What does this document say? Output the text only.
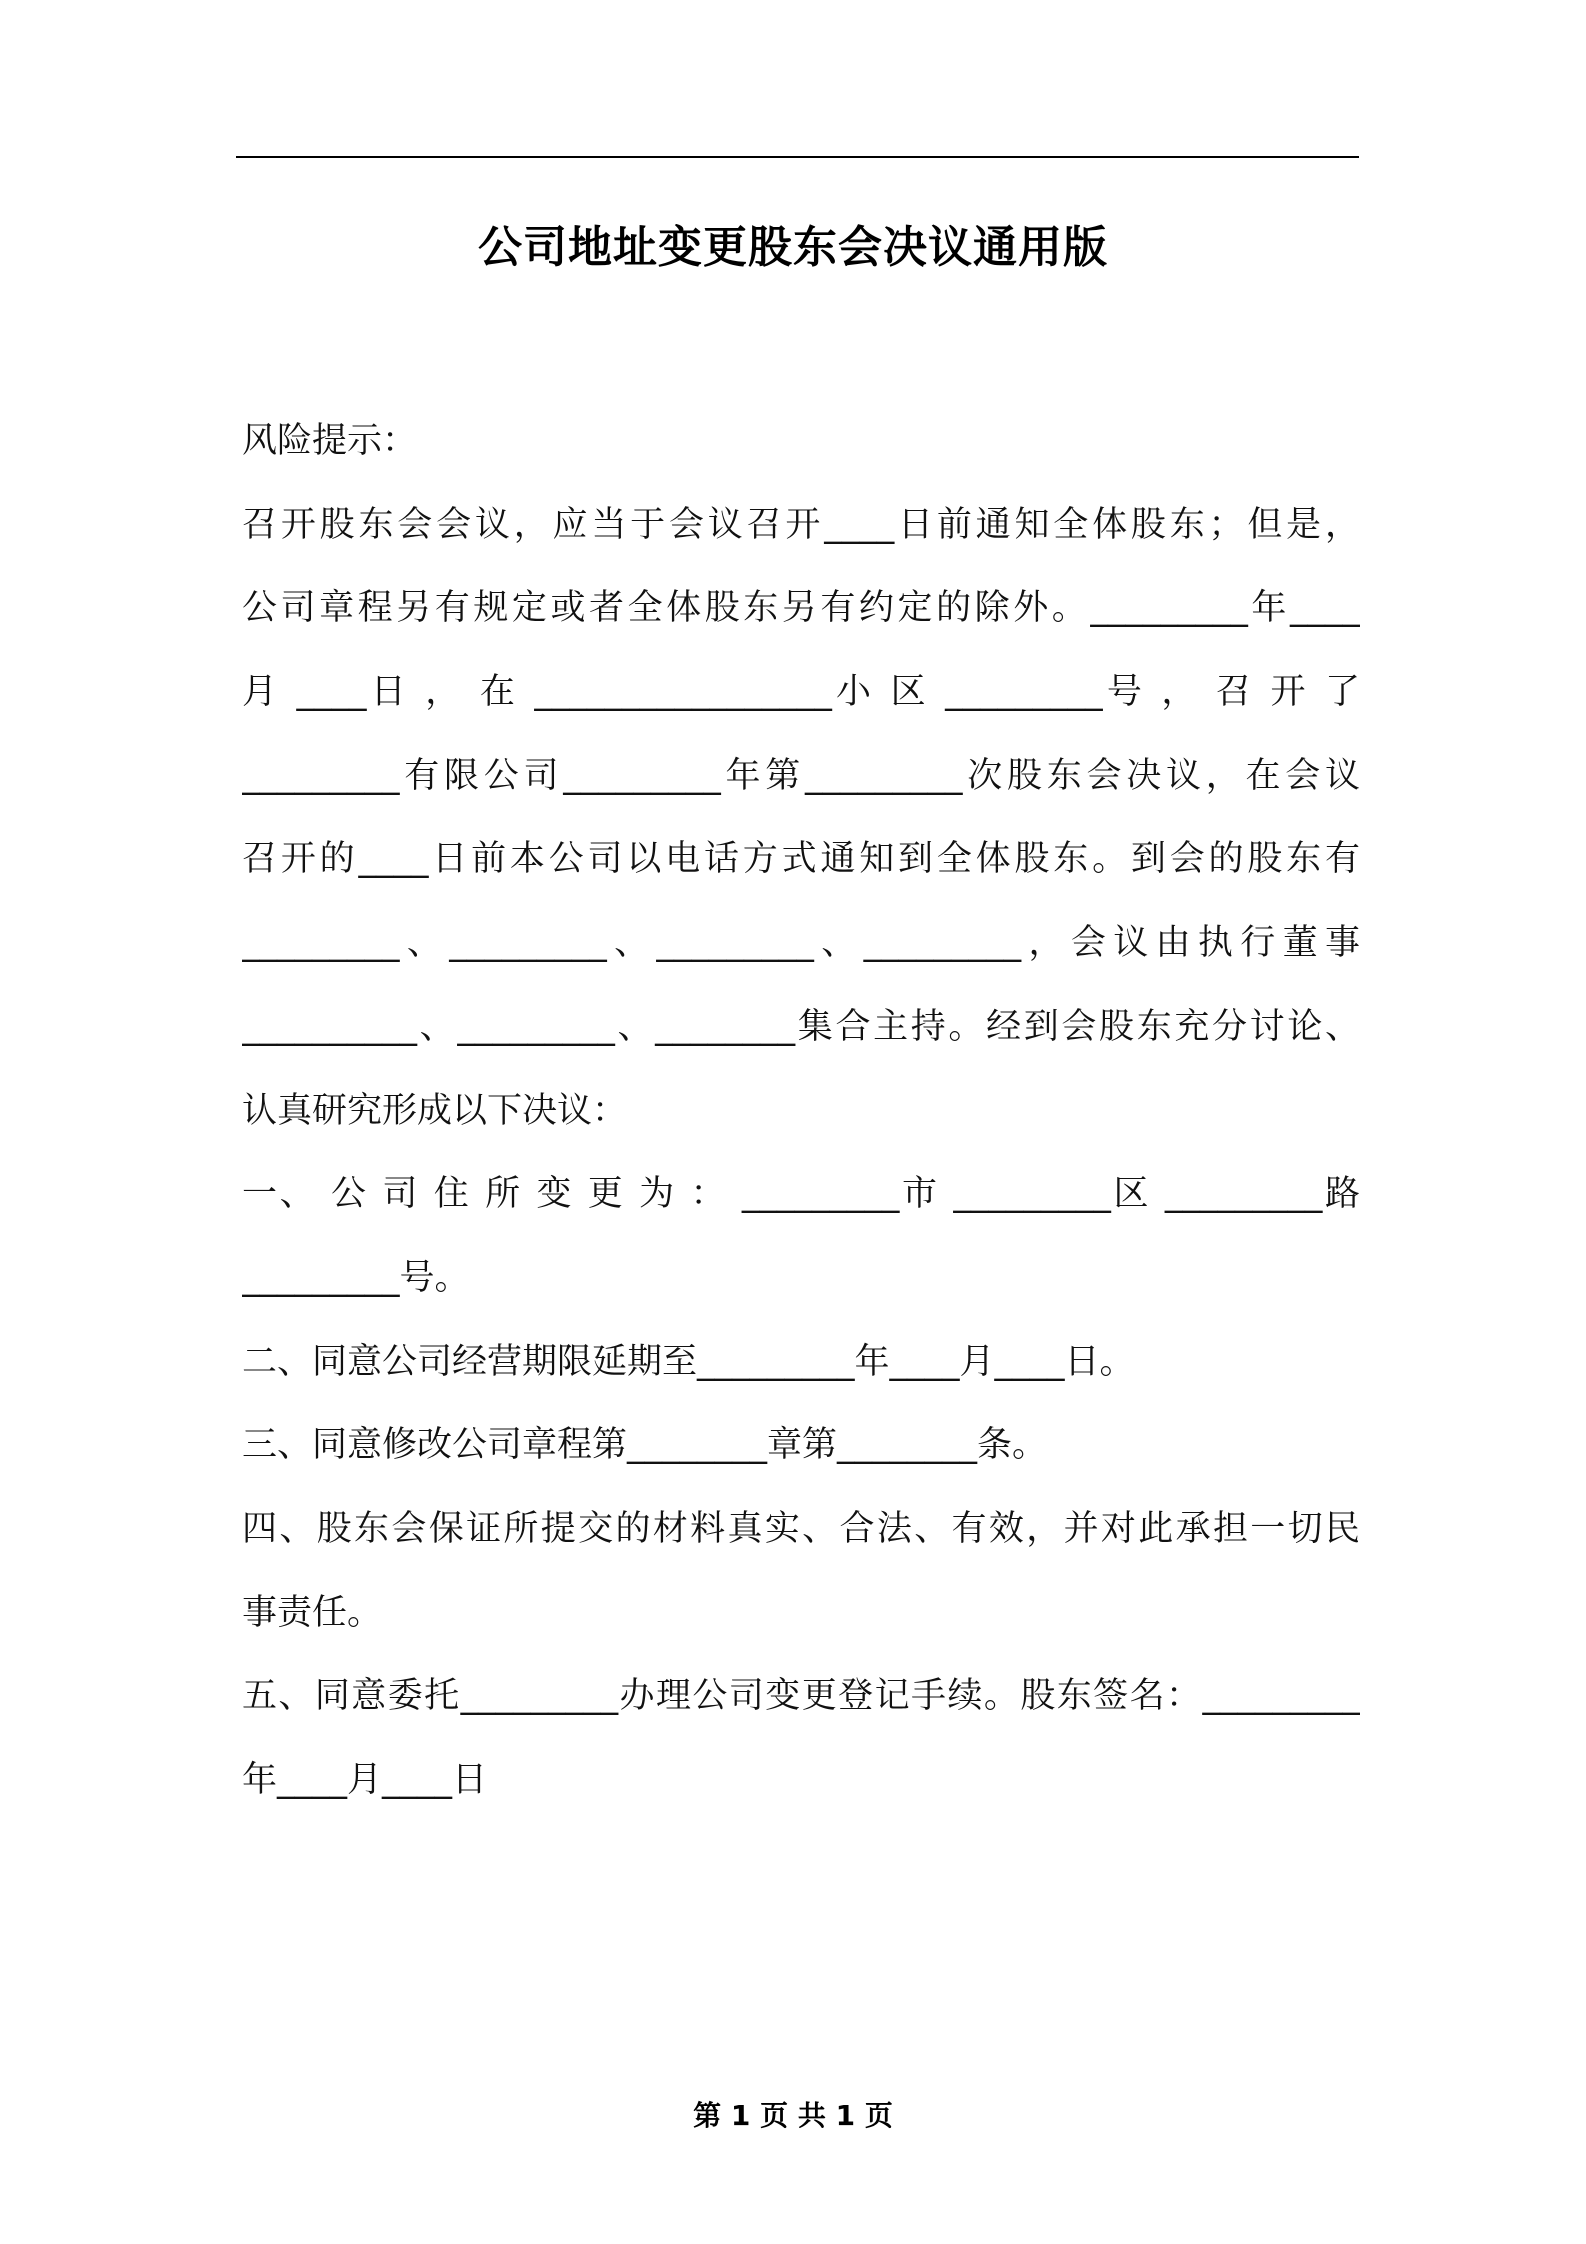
公司地址变更股东会决议通用版
风险提示：
召开股东会会议，应当于会议召开____日前通知全体股东；但是，
公司章程另有规定或者全体股东另有约定的除外。_________年____
月 ____日 ， 在 _________________小 区 _________号 ， 召 开 了
_________有限公司_________年第_________次股东会决议，在会议
召开的____日前本公司以电话方式通知到全体股东。到会的股东有
_________、_________、_________、_________，会议由执行董事
__________、_________、________集合主持。经到会股东充分讨论、
认真研究形成以下决议：
一、 公 司 住 所 变 更 为 ： _________市 _________区 _________路
_________号。
二、同意公司经营期限延期至_________年____月____日。
三、同意修改公司章程第________章第________条。
四、股东会保证所提交的材料真实、合法、有效，并对此承担一切民
事责任。
五、同意委托_________办理公司变更登记手续。股东签名：_________
年____月____日
第 1 页 共 1 页
